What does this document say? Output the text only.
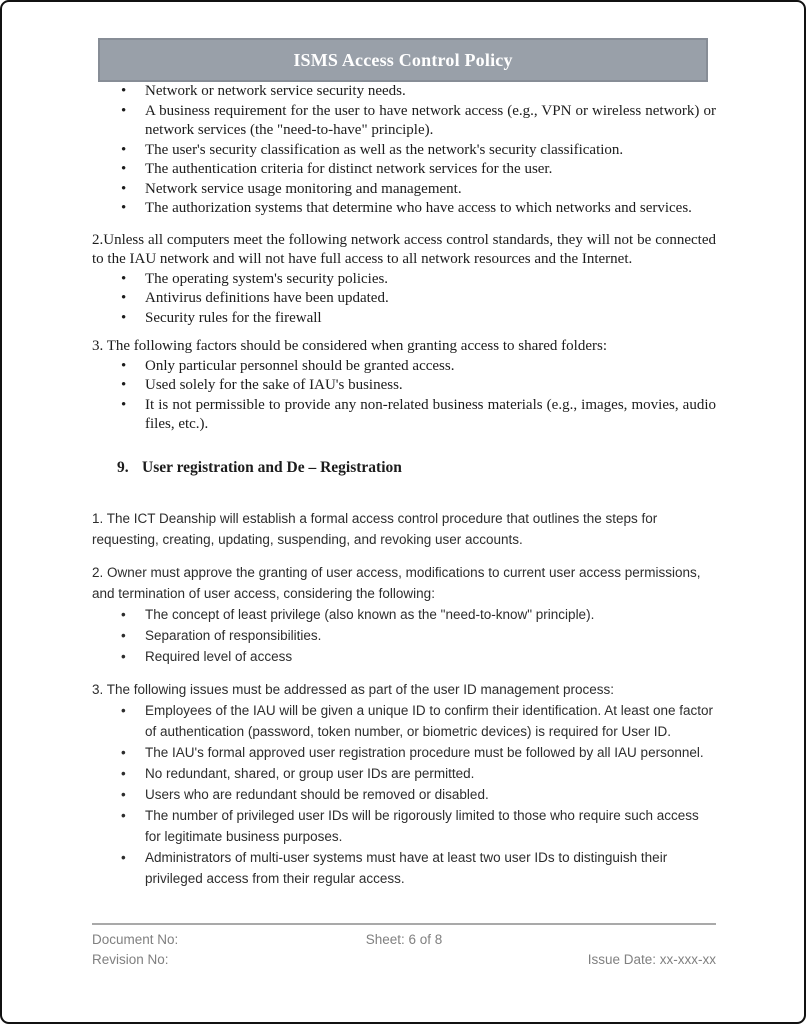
ISMS Access Control Policy
• Network or network service security needs.
• A business requirement for the user to have network access (e.g., VPN or wireless network) or network services (the "need-to-have" principle).
• The user's security classification as well as the network's security classification.
• The authentication criteria for distinct network services for the user.
• Network service usage monitoring and management.
• The authorization systems that determine who have access to which networks and services.

2.Unless all computers meet the following network access control standards, they will not be connected to the IAU network and will not have full access to all network resources and the Internet.

• The operating system's security policies.
• Antivirus definitions have been updated.
• Security rules for the firewall

3. The following factors should be considered when granting access to shared folders:

• Only particular personnel should be granted access.
• Used solely for the sake of IAU's business.
• It is not permissible to provide any non-related business materials (e.g., images, movies, audio files, etc.).
9. User registration and De – Registration

1. The ICT Deanship will establish a formal access control procedure that outlines the steps for requesting, creating, updating, suspending, and revoking user accounts.

2. Owner must approve the granting of user access, modifications to current user access permissions, and termination of user access, considering the following:

• The concept of least privilege (also known as the "need-to-know" principle).
• Separation of responsibilities.
• Required level of access

3. The following issues must be addressed as part of the user ID management process:

• Employees of the IAU will be given a unique ID to confirm their identification. At least one factor of authentication (password, token number, or biometric devices) is required for User ID.
• The IAU's formal approved user registration procedure must be followed by all IAU personnel.
• No redundant, shared, or group user IDs are permitted.
• Users who are redundant should be removed or disabled.
• The number of privileged user IDs will be rigorously limited to those who require such access for legitimate business purposes.
• Administrators of multi-user systems must have at least two user IDs to distinguish their privileged access from their regular access.
Document No:	Sheet: 6 of 8
Revision No:	Issue Date: xx-xxx-xx
